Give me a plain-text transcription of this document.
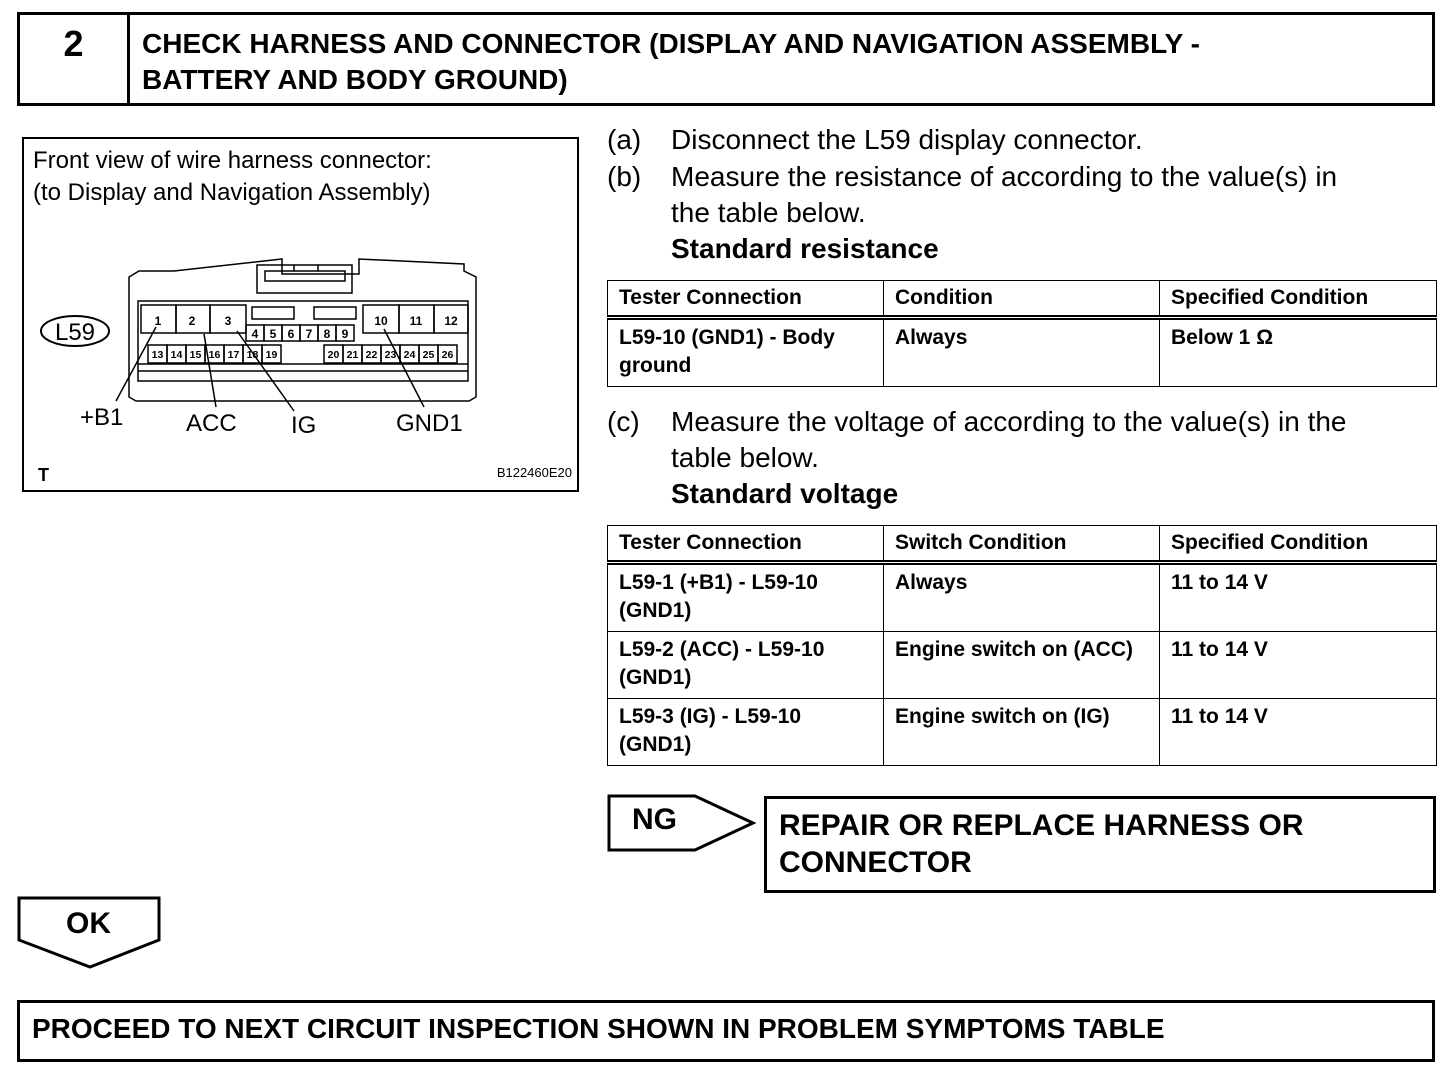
2	CHECK HARNESS AND CONNECTOR (DISPLAY AND NAVIGATION ASSEMBLY -
BATTERY AND BODY GROUND)
Front view of wire harness connector:
(to Display and Navigation Assembly)
1 2 3
4 5 6 7 8 9
10 11 12
13 14 15 16 17 18 19	20 21 22 23 24 25 26
L59
+B1	ACC IG	GND1
T	B122460E20
(a) Disconnect the L59 display connector.
(b) Measure the resistance of according to the value(s) in
the table below.
Standard resistance
Tester Connection	Condition	Specified Condition
L59-10 (GND1) - Body ground	Always	Below 1 Ω
(c) Measure the voltage of according to the value(s) in the
table below.
Standard voltage
Tester Connection	Switch Condition	Specified Condition
L59-1 (+B1) - L59-10 (GND1)	Always	11 to 14 V
L59-2 (ACC) - L59-10 (GND1)	Engine switch on (ACC)	11 to 14 V
L59-3 (IG) - L59-10 (GND1)	Engine switch on (IG)	11 to 14 V
NG	REPAIR OR REPLACE HARNESS OR
CONNECTOR
OK
PROCEED TO NEXT CIRCUIT INSPECTION SHOWN IN PROBLEM SYMPTOMS TABLE
